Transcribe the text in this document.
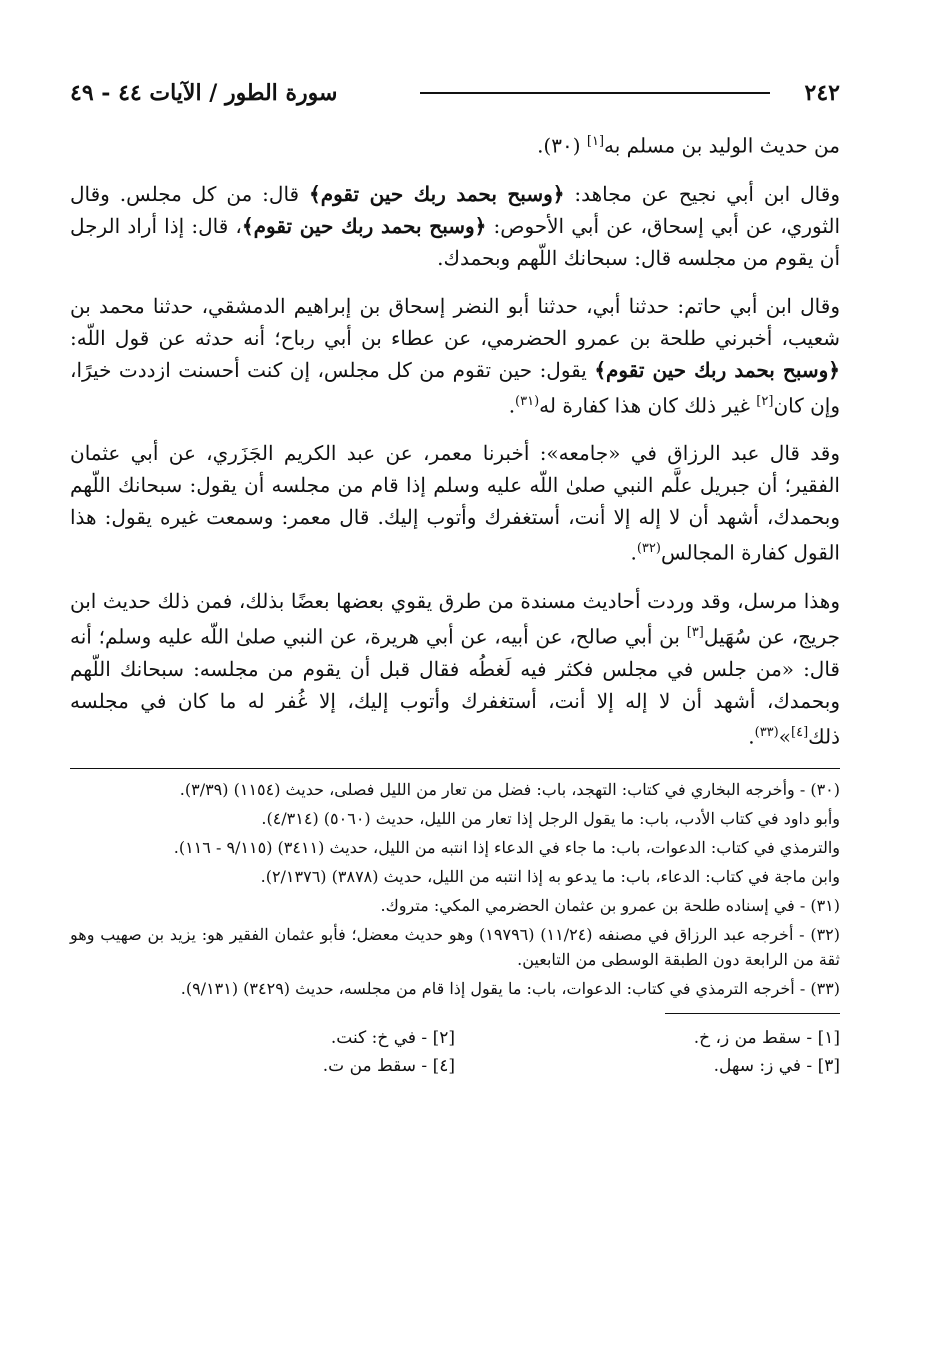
٢٤٢
سورة الطور / الآيات ٤٤ - ٤٩

من حديث الوليد بن مسلم به[١] (٣٠).

وقال ابن أبي نجيح عن مجاهد: ﴿وسبح بحمد ربك حين تقوم﴾ قال: من كل مجلس. وقال الثوري، عن أبي إسحاق، عن أبي الأحوص: ﴿وسبح بحمد ربك حين تقوم﴾، قال: إذا أراد الرجل أن يقوم من مجلسه قال: سبحانك اللّهم وبحمدك.

وقال ابن أبي حاتم: حدثنا أبي، حدثنا أبو النضر إسحاق بن إبراهيم الدمشقي، حدثنا محمد بن شعيب، أخبرني طلحة بن عمرو الحضرمي، عن عطاء بن أبي رباح؛ أنه حدثه عن قول اللّه: ﴿وسبح بحمد ربك حين تقوم﴾ يقول: حين تقوم من كل مجلس، إن كنت أحسنت ازددت خيرًا، وإن كان[٢] غير ذلك كان هذا كفارة له$^{(٣١)}$.

وقد قال عبد الرزاق في «جامعه»: أخبرنا معمر، عن عبد الكريم الجَزَري، عن أبي عثمان الفقير؛ أن جبريل علَّم النبي صلىٰ اللّه عليه وسلم إذا قام من مجلسه أن يقول: سبحانك اللّهم وبحمدك، أشهد أن لا إله إلا أنت، أستغفرك وأتوب إليك. قال معمر: وسمعت غيره يقول: هذا القول كفارة المجالس$^{(٣٢)}$.

وهذا مرسل، وقد وردت أحاديث مسندة من طرق يقوي بعضها بعضًا بذلك، فمن ذلك حديث ابن جريج، عن سُهَيل[٣] بن أبي صالح، عن أبيه، عن أبي هريرة، عن النبي صلىٰ اللّه عليه وسلم؛ أنه قال: «من جلس في مجلس فكثر فيه لَغطُه فقال قبل أن يقوم من مجلسه: سبحانك اللّهم وبحمدك، أشهد أن لا إله إلا أنت، أستغفرك وأتوب إليك، إلا غُفر له ما كان في مجلسه ذلك[٤]»$^{(٣٣)}$.

(٣٠) - وأخرجه البخاري في كتاب: التهجد، باب: فضل من تعار من الليل فصلى، حديث (١١٥٤) (٣/٣٩).

وأبو داود في كتاب الأدب، باب: ما يقول الرجل إذا تعار من الليل، حديث (٥٠٦٠) (٤/٣١٤).

والترمذي في كتاب: الدعوات، باب: ما جاء في الدعاء إذا انتبه من الليل، حديث (٣٤١١) (٩/١١٥ - ١١٦).

وابن ماجة في كتاب: الدعاء، باب: ما يدعو به إذا انتبه من الليل، حديث (٣٨٧٨) (٢/١٣٧٦).

(٣١) - في إسناده طلحة بن عمرو بن عثمان الحضرمي المكي: متروك.

(٣٢) - أخرجه عبد الرزاق في مصنفه (١١/٢٤) (١٩٧٩٦) وهو حديث معضل؛ فأبو عثمان الفقير هو: يزيد بن صهيب وهو ثقة من الرابعة دون الطبقة الوسطى من التابعين.

(٣٣) - أخرجه الترمذي في كتاب: الدعوات، باب: ما يقول إذا قام من مجلسه، حديث (٣٤٢٩) (٩/١٣١).

[١] - سقط من ز، خ.
[٢] - في خ: كنت.
[٣] - في ز: سهل.
[٤] - سقط من ت.
